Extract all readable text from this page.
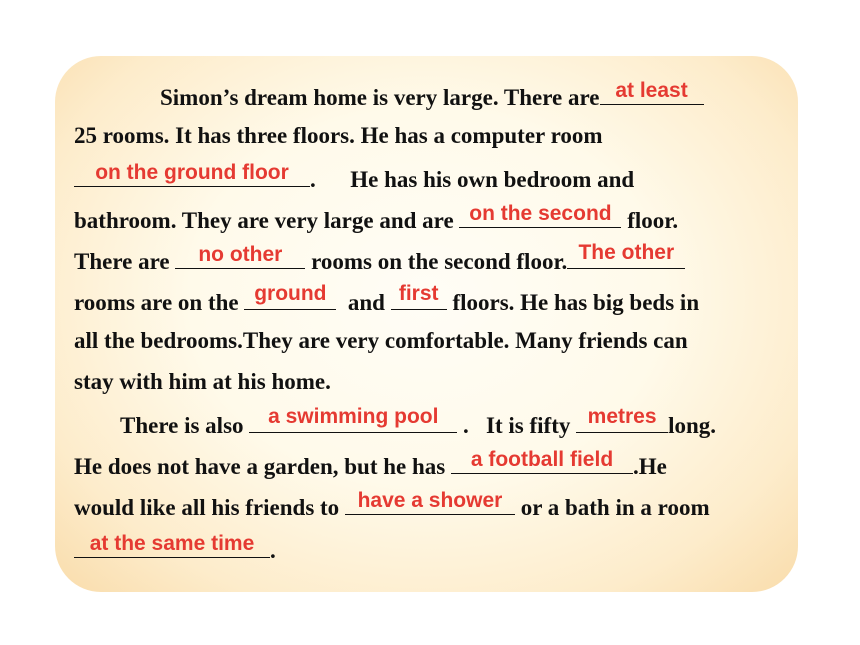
Simon’s dream home is very large. There are at least
25 rooms. It has three floors. He has a computer room
on the ground floor .      He has his own bedroom and
bathroom. They are very large and are on the second floor.
There are	no other	rooms on the second floor. The other
rooms are on the ground and first floors. He has big beds in
all the bedrooms.They are very comfortable. Many friends can
stay with him at his home.
There is also a swimming pool .   It is fifty metres long.
He does not have a garden, but he has a football field .He
would like all his friends to have a shower or a bath in a room
at the same time .
